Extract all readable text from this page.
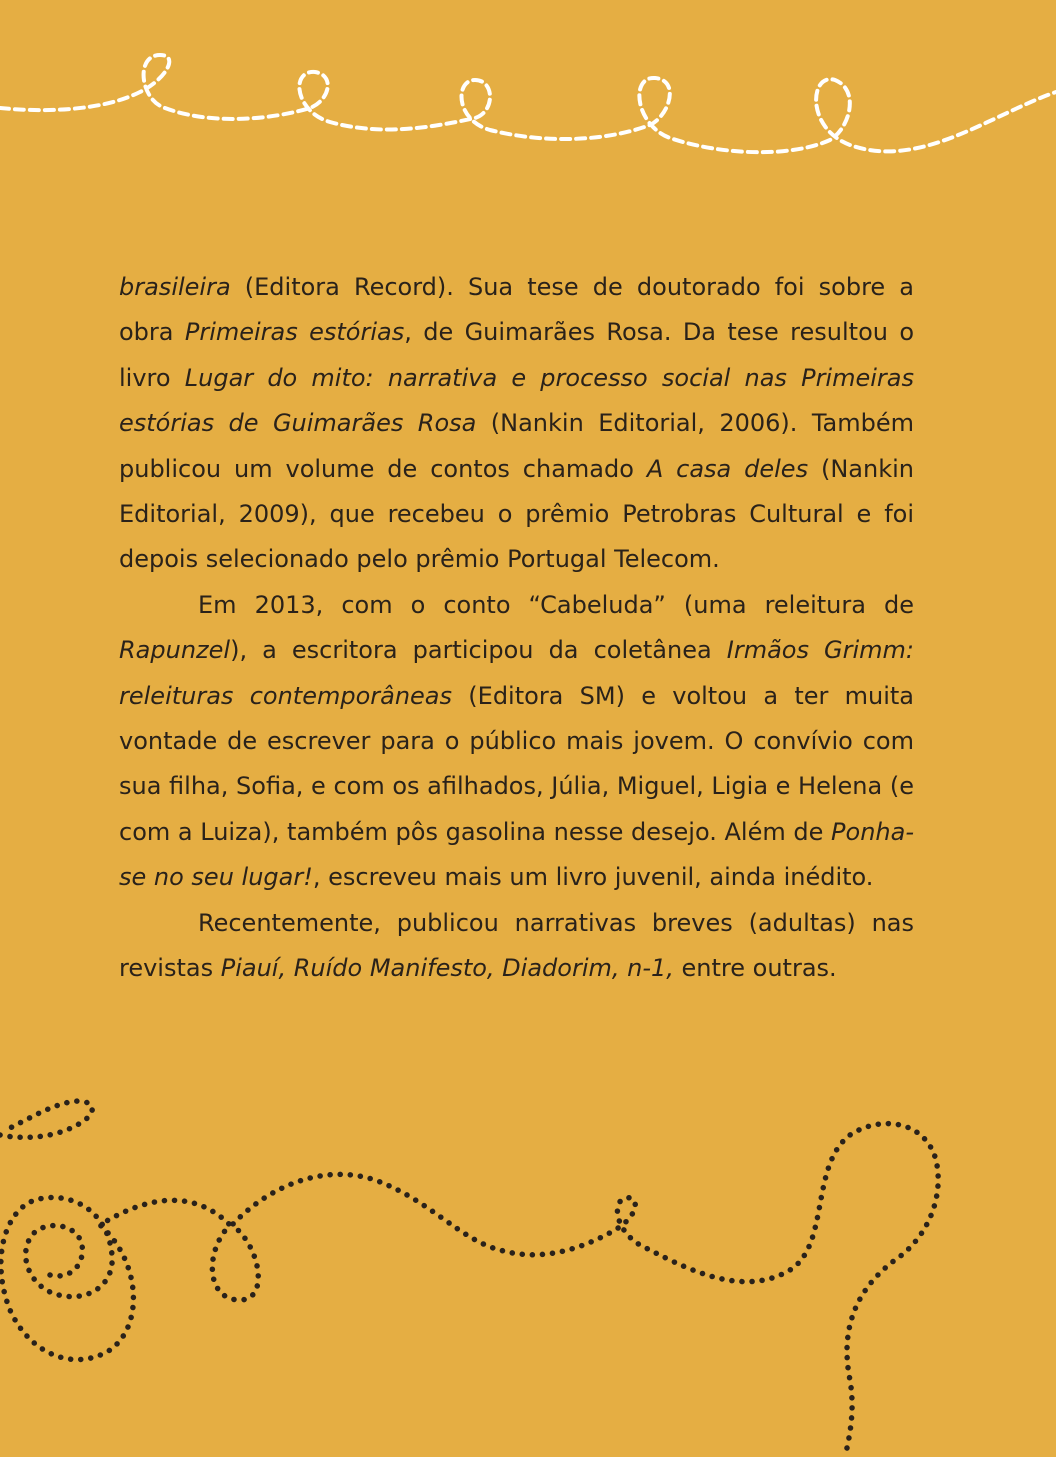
brasileira (Editora Record). Sua tese de doutorado foi sobre a obra Primeiras estórias, de Guimarães Rosa. Da tese resultou o livro Lugar do mito: narrativa e processo social nas Primeiras estórias de Guimarães Rosa (Nankin Editorial, 2006). Também publicou um volume de contos chamado A casa deles (Nankin Editorial, 2009), que recebeu o prêmio Petrobras Cultural e foi depois selecionado pelo prêmio Portugal Telecom.

Em 2013, com o conto “Cabeluda” (uma releitura de Rapunzel), a escritora participou da coletânea Irmãos Grimm: releituras contemporâneas (Editora SM) e voltou a ter muita vontade de escrever para o público mais jovem. O convívio com sua filha, Sofia, e com os afilhados, Júlia, Miguel, Ligia e Helena (e com a Luiza), também pôs gasolina nesse desejo. Além de Ponha-se no seu lugar!, escreveu mais um livro juvenil, ainda inédito.

Recentemente, publicou narrativas breves (adultas) nas revistas Piauí, Ruído Manifesto, Diadorim, n-1, entre outras.
